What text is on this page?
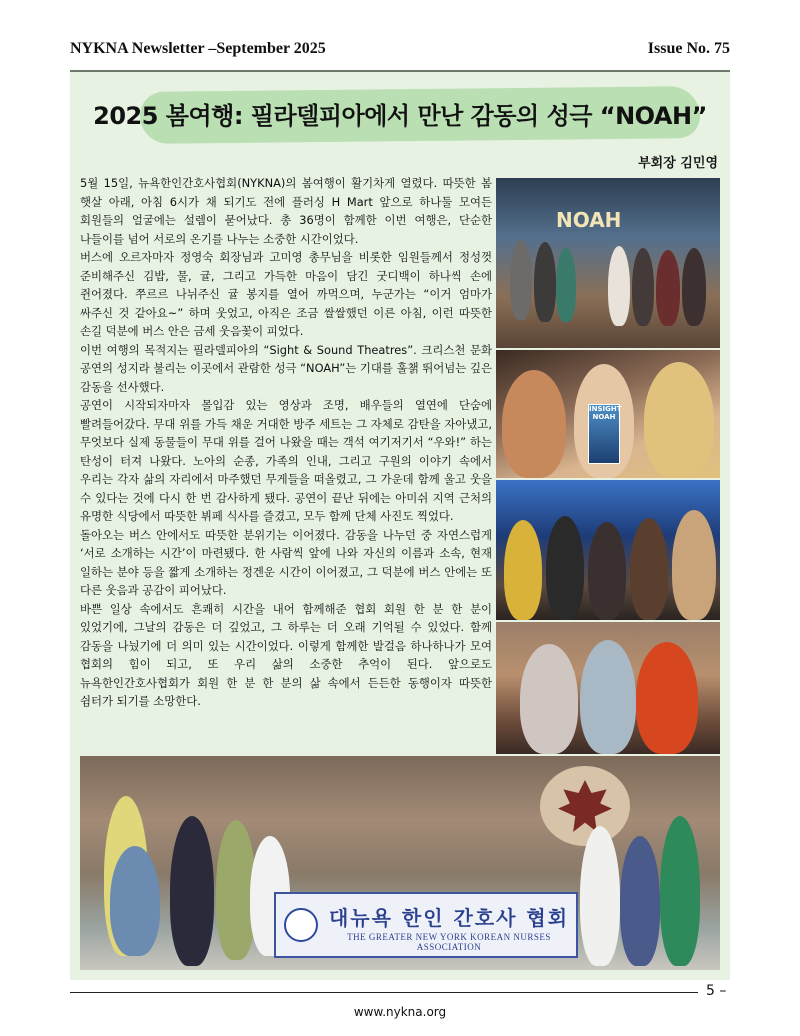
NYKNA Newsletter –September 2025	Issue No. 75
2025 봄여행: 필라델피아에서 만난 감동의 성극 “NOAH”
부회장 김민영

5월 15일, 뉴욕한인간호사협회(NYKNA)의 봄여행이 활기차게 열렸다. 따뜻한 봄 햇살 아래, 아침 6시가 채 되기도 전에 플러싱 H Mart 앞으로 하나둘 모여든 회원들의 얼굴에는 설렘이 묻어났다. 총 36명이 함께한 이번 여행은, 단순한 나들이를 넘어 서로의 온기를 나누는 소중한 시간이었다.

버스에 오르자마자 정영숙 회장님과 고미영 총무님을 비롯한 임원들께서 정성껏 준비해주신 김밥, 물, 귤, 그리고 가득한 마음이 담긴 굿디백이 하나씩 손에 쥔어졌다. 쭈르르 나뉘주신 귤 봉지를 열어 까먹으며, 누군가는 “이거 엄마가 싸주신 것 같아요~” 하며 웃었고, 아직은 조금 쌀쌀했던 이른 아침, 이런 따뜻한 손길 덕분에 버스 안은 금세 웃음꽃이 피었다.

이번 여행의 목적지는 필라델피아의 “Sight & Sound Theatres”. 크리스천 문화 공연의 성지라 불리는 이곳에서 관람한 성극 “NOAH”는 기대를 훌챍 뛰어넘는 깊은 감동을 선사했다.

공연이 시작되자마자 몰입감 있는 영상과 조명, 배우들의 열연에 단숨에 빨려들어갔다. 무대 위를 가득 채운 거대한 방주 세트는 그 자체로 감탄을 자아냈고, 무엇보다 실제 동물들이 무대 위를 걸어 나왔을 때는 객석 여기저기서 “우와!” 하는 탄성이 터져 나왔다. 노아의 순종, 가족의 인내, 그리고 구원의 이야기 속에서 우리는 각자 삶의 자리에서 마주했던 무게들을 떠올렸고, 그 가운데 함께 울고 웃을 수 있다는 것에 다시 한 번 감사하게 됐다. 공연이 끝난 뒤에는 아미쉬 지역 근처의 유명한 식당에서 따뜻한 뷔페 식사를 즐겼고, 모두 함께 단체 사진도 찍었다.

돌아오는 버스 안에서도 따뜻한 분위기는 이어졌다. 감동을 나누던 중 자연스럽게 ‘서로 소개하는 시간’이 마련됐다. 한 사람씩 앞에 나와 자신의 이름과 소속, 현재 일하는 분야 등을 짧게 소개하는 정겐운 시간이 이어졌고, 그 덕분에 버스 안에는 또 다른 웃음과 공감이 피어났다.

바쁜 일상 속에서도 흔쾌히 시간을 내어 함께해준 협회 회원 한 분 한 분이 있었기에, 그날의 감동은 더 깊었고, 그 하루는 더 오래 기억될 수 있었다. 함께 감동을 나눴기에 더 의미 있는 시간이었다. 이렇게 함께한 발걸음 하나하나가 모여 협회의 힘이 되고, 또 우리 삶의 소중한 추억이 된다. 앞으로도 뉴욕한인간호사협회가 회원 한 분 한 분의 삶 속에서 든든한 동행이자 따뜻한 쉼터가 되기를 소망한다.

NOAH
INSIGHT NOAH
대뉴욕 한인 간호사 협회
THE GREATER NEW YORK KOREAN NURSES ASSOCIATION
5 –
www.nykna.org
